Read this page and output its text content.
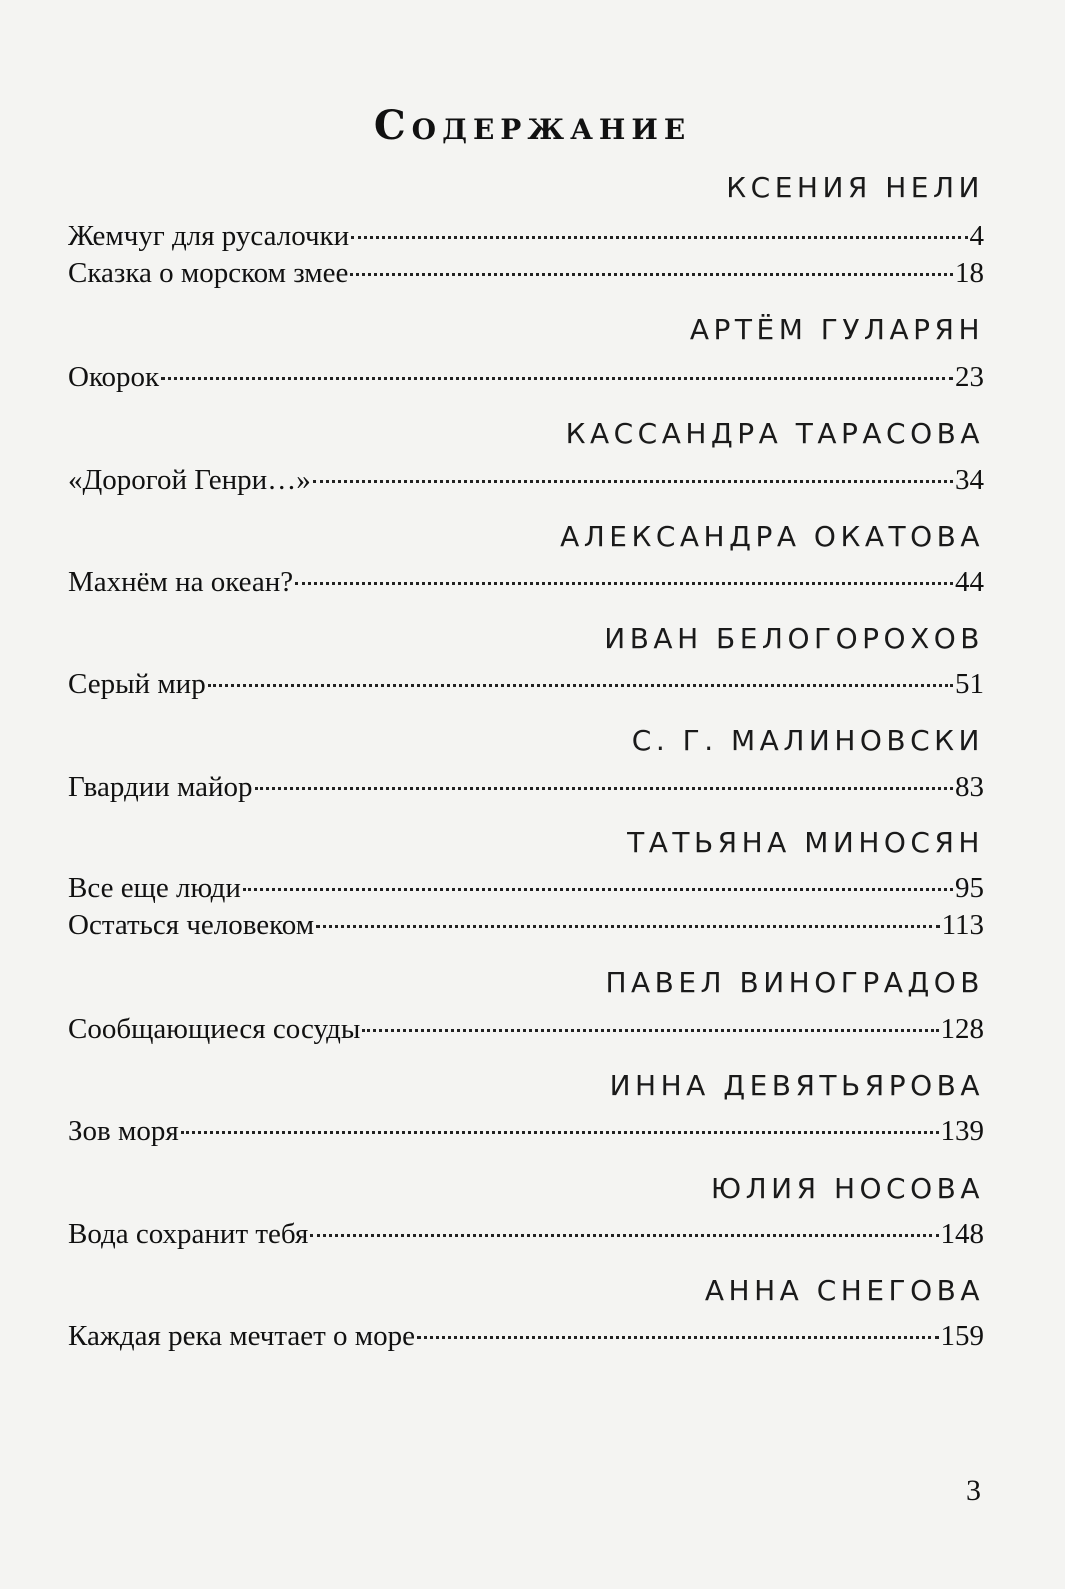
Содержание
КСЕНИЯ НЕЛИ
Жемчуг для русалочки	4
Сказка о морском змее	18
АРТЁМ ГУЛАРЯН
Окорок	23
КАССАНДРА ТАРАСОВА
«Дорогой Генри…»	34
АЛЕКСАНДРА ОКАТОВА
Махнём на океан?	44
ИВАН БЕЛОГОРОХОВ
Серый мир	51
С. Г. МАЛИНОВСКИ
Гвардии майор	83
ТАТЬЯНА МИНОСЯН
Все еще люди	95
Остаться человеком	113
ПАВЕЛ ВИНОГРАДОВ
Сообщающиеся сосуды	128
ИННА ДЕВЯТЬЯРОВА
Зов моря	139
ЮЛИЯ НОСОВА
Вода сохранит тебя	148
АННА СНЕГОВА
Каждая река мечтает о море	159
3
